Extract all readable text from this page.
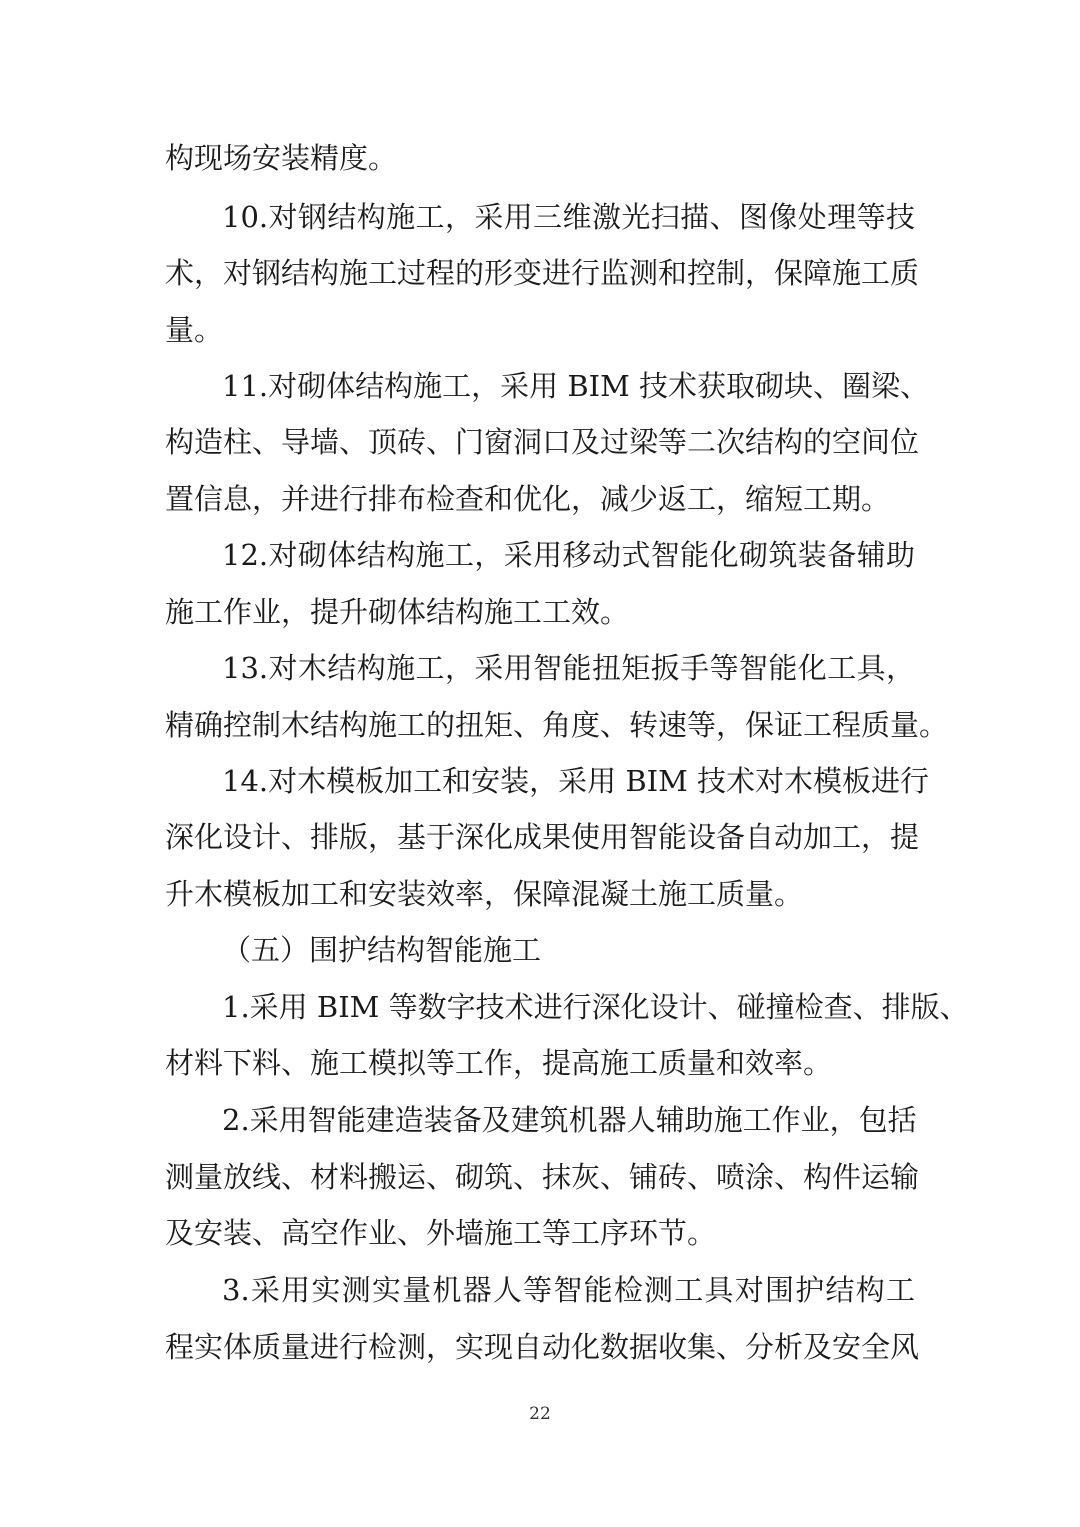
构现场安装精度。
10.对钢结构施工，采用三维激光扫描、图像处理等技
术，对钢结构施工过程的形变进行监测和控制，保障施工质
量。
11.对砌体结构施工，采用 BIM 技术获取砌块、圈梁、
构造柱、导墙、顶砖、门窗洞口及过梁等二次结构的空间位
置信息，并进行排布检查和优化，减少返工，缩短工期。
12.对砌体结构施工，采用移动式智能化砌筑装备辅助
施工作业，提升砌体结构施工工效。
13.对木结构施工，采用智能扭矩扳手等智能化工具，
精确控制木结构施工的扭矩、角度、转速等，保证工程质量。
14.对木模板加工和安装，采用 BIM 技术对木模板进行
深化设计、排版，基于深化成果使用智能设备自动加工，提
升木模板加工和安装效率，保障混凝土施工质量。
（五）围护结构智能施工
1.采用 BIM 等数字技术进行深化设计、碰撞检查、排版、
材料下料、施工模拟等工作，提高施工质量和效率。
2.采用智能建造装备及建筑机器人辅助施工作业，包括
测量放线、材料搬运、砌筑、抹灰、铺砖、喷涂、构件运输
及安装、高空作业、外墙施工等工序环节。
3.采用实测实量机器人等智能检测工具对围护结构工
程实体质量进行检测，实现自动化数据收集、分析及安全风
22
